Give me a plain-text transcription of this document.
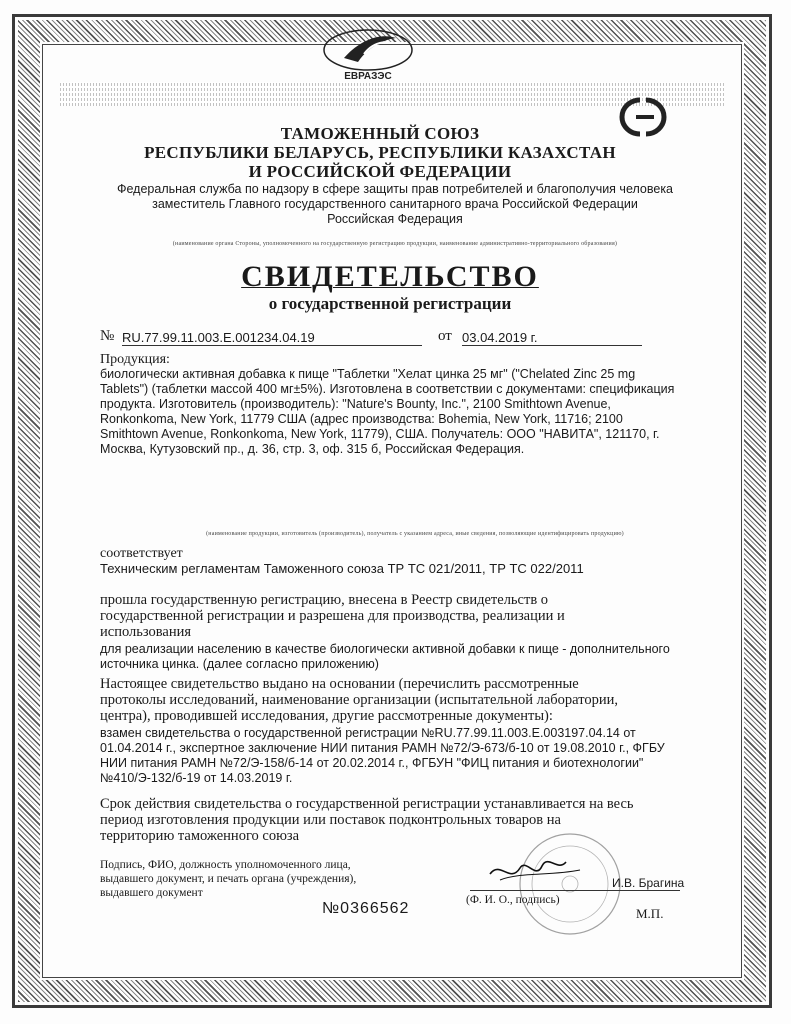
ЕВРАЗЭС
ТАМОЖЕННЫЙ СОЮЗ
РЕСПУБЛИКИ БЕЛАРУСЬ, РЕСПУБЛИКИ КАЗАХСТАН
И РОССИЙСКОЙ ФЕДЕРАЦИИ
Федеральная служба по надзору в сфере защиты прав потребителей и благополучия человека
заместитель Главного государственного санитарного врача Российской Федерации
Российская Федерация
(наименование органа Стороны, уполномоченного на государственную регистрацию продукции, наименование административно-территориального образования)
СВИДЕТЕЛЬСТВО
о государственной регистрации
№ RU.77.99.11.003.E.001234.04.19	от 03.04.2019 г.
Продукция:
биологически активная добавка к пище "Таблетки "Хелат цинка 25 мг" ("Chelated Zinc 25 mg
Tablets") (таблетки массой 400 мг±5%). Изготовлена в соответствии с документами: спецификация
продукта. Изготовитель (производитель): "Nature's Bounty, Inc.", 2100 Smithtown Avenue,
Ronkonkoma, New York, 11779 США (адрес производства: Bohemia, New York, 11716; 2100
Smithtown Avenue, Ronkonkoma, New York, 11779), США. Получатель: ООО "НАВИТА", 121170, г.
Москва, Кутузовский пр., д. 36, стр. 3, оф. 315 б, Российская Федерация.
(наименование продукции, изготовитель (производитель), получатель с указанием адреса, иные сведения, позволяющие идентифицировать продукцию)
соответствует
Техническим регламентам Таможенного союза ТР ТС 021/2011, ТР ТС 022/2011
прошла государственную регистрацию, внесена в Реестр свидетельств о
государственной регистрации и разрешена для производства, реализации и
использования
для реализации населению в качестве биологически активной добавки к пище - дополнительного
источника цинка. (далее согласно приложению)
Настоящее свидетельство выдано на основании (перечислить рассмотренные
протоколы исследований, наименование организации (испытательной лаборатории,
центра), проводившей исследования, другие рассмотренные документы):
взамен свидетельства о государственной регистрации №RU.77.99.11.003.E.003197.04.14 от
01.04.2014 г., экспертное заключение НИИ питания РАМН №72/Э-673/б-10 от 19.08.2010 г., ФГБУ
НИИ питания РАМН №72/Э-158/б-14 от 20.02.2014 г., ФГБУН "ФИЦ питания и биотехнологии"
№410/Э-132/б-19 от 14.03.2019 г.
Срок действия свидетельства о государственной регистрации устанавливается на весь
период изготовления продукции или поставок подконтрольных товаров на
территорию таможенного союза
Подпись, ФИО, должность уполномоченного лица,
выдавшего документ, и печать органа (учреждения),
выдавшего документ
И.В. Брагина
(Ф. И. О., подпись)
М.П.
№0366562
